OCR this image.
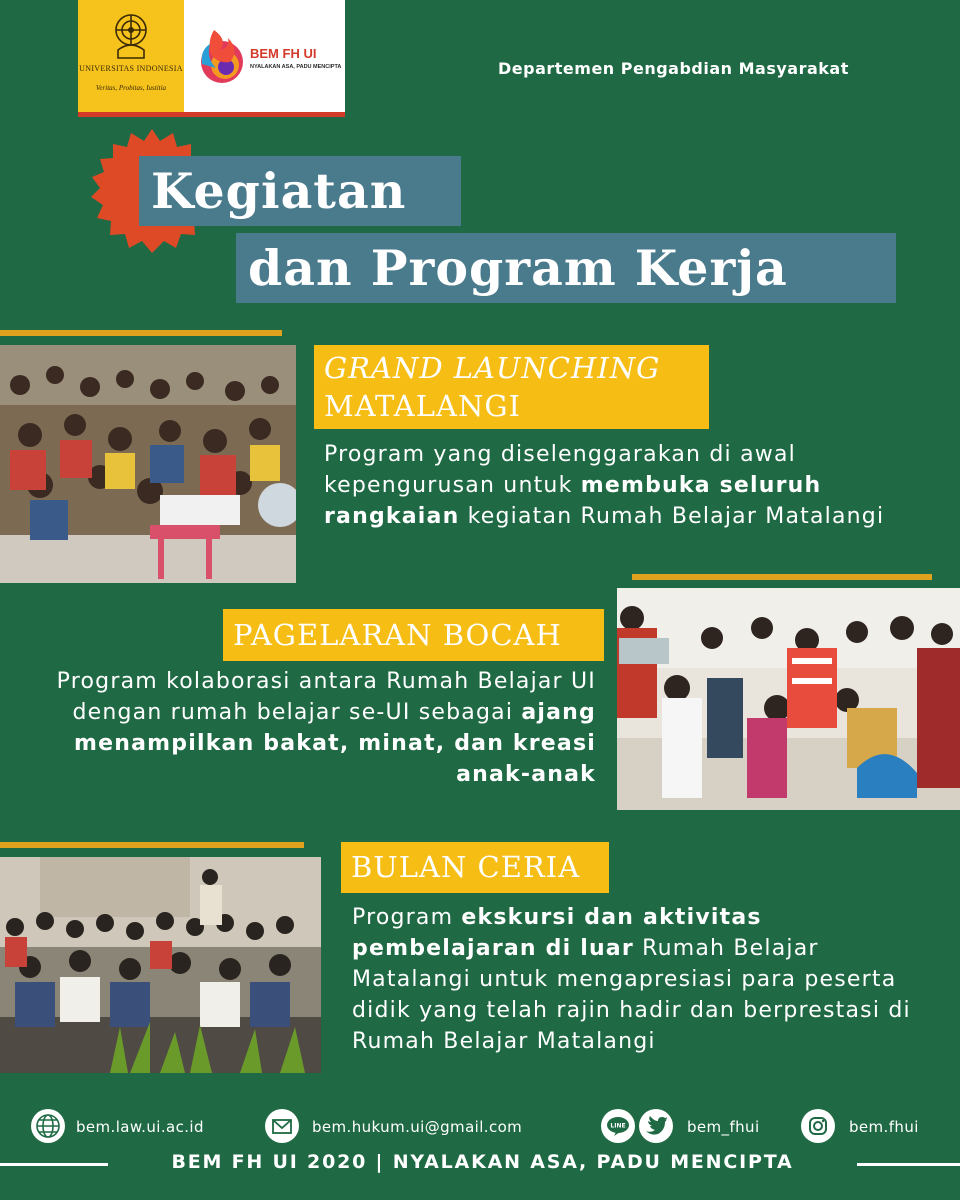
UNIVERSITAS INDONESIA
Veritas, Probitas, Iustitia
BEM FH UI
NYALAKAN ASA, PADU MENCIPTA	Departemen Pengabdian Masyarakat
Kegiatan
dan Program Kerja
GRAND LAUNCHING
MATALANGI
Program yang diselenggarakan di awal kepengurusan untuk membuka seluruh rangkaian kegiatan Rumah Belajar Matalangi
PAGELARAN BOCAH
Program kolaborasi antara Rumah Belajar UI dengan rumah belajar se-UI sebagai ajang menampilkan bakat, minat, dan kreasi anak-anak
BULAN CERIA
Program ekskursi dan aktivitas pembelajaran di luar Rumah Belajar Matalangi untuk mengapresiasi para peserta didik yang telah rajin hadir dan berprestasi di Rumah Belajar Matalangi
bem.law.ui.ac.id	bem.hukum.ui@gmail.com	LINE	bem_fhui	bem.fhui
BEM FH UI 2020 | NYALAKAN ASA, PADU MENCIPTA
